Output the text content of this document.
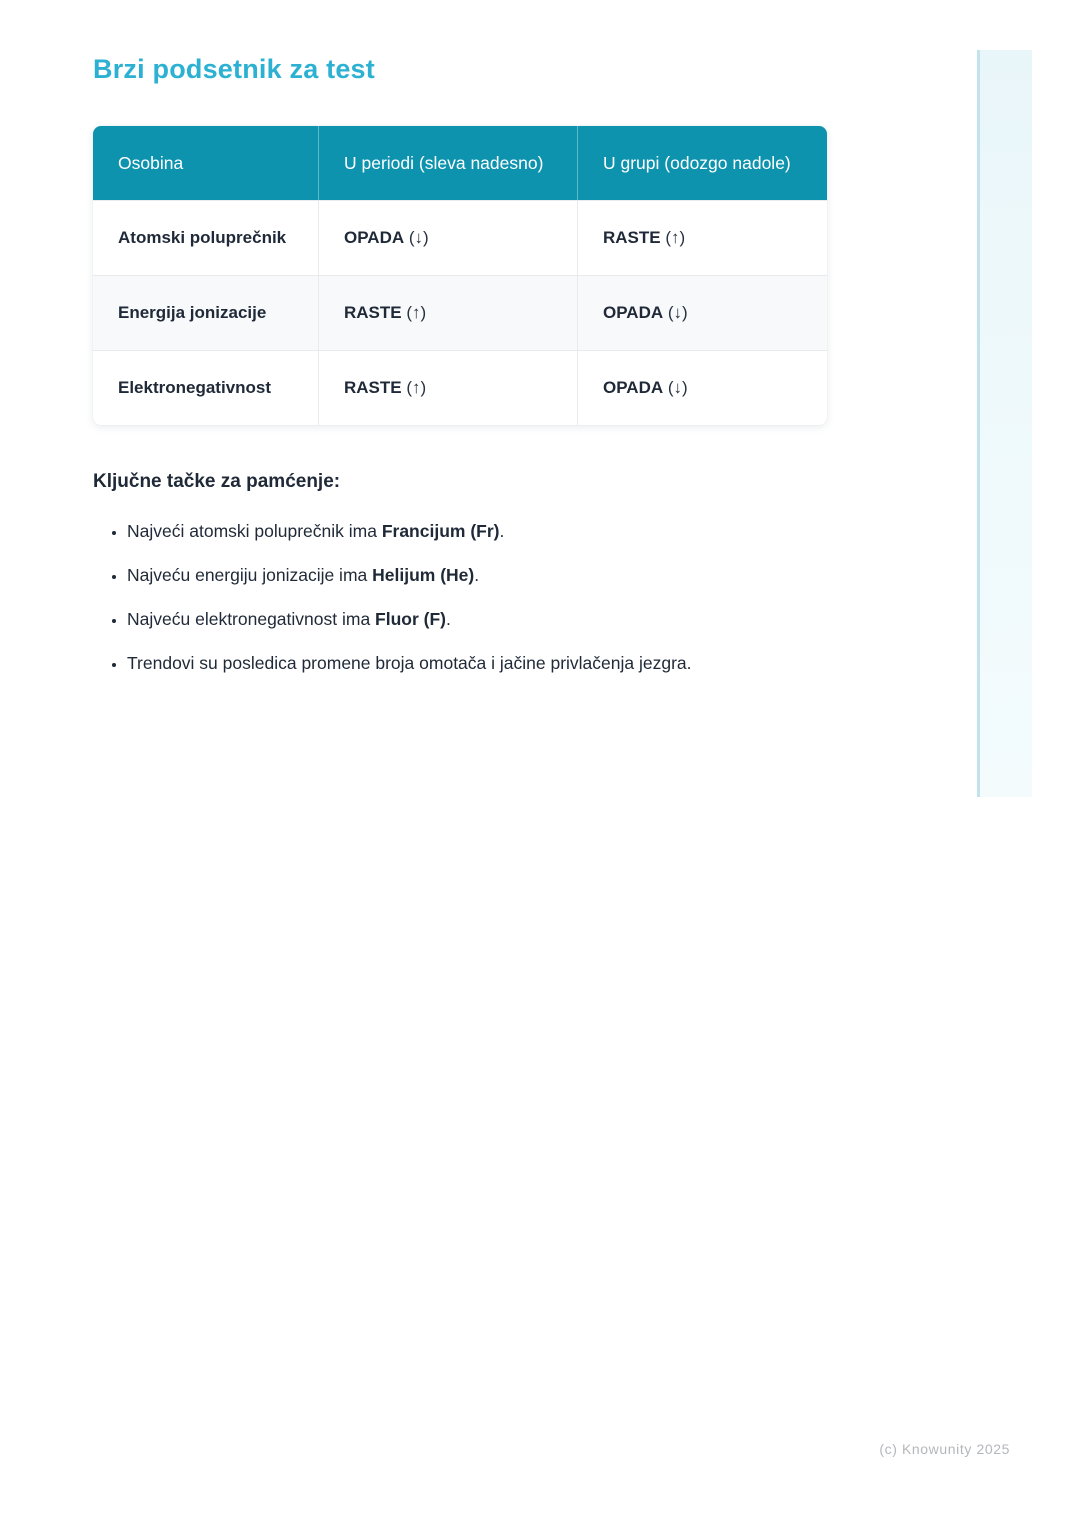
Brzi podsetnik za test
Osobina	U periodi (sleva nadesno)	U grupi (odozgo nadole)
Atomski poluprečnik	OPADA (↓)	RASTE (↑)
Energija jonizacije	RASTE (↑)	OPADA (↓)
Elektronegativnost	RASTE (↑)	OPADA (↓)
Ključne tačke za pamćenje:
• Najveći atomski poluprečnik ima Francijum (Fr).
• Najveću energiju jonizacije ima Helijum (He).
• Najveću elektronegativnost ima Fluor (F).
• Trendovi su posledica promene broja omotača i jačine privlačenja jezgra.
(c) Knowunity 2025
